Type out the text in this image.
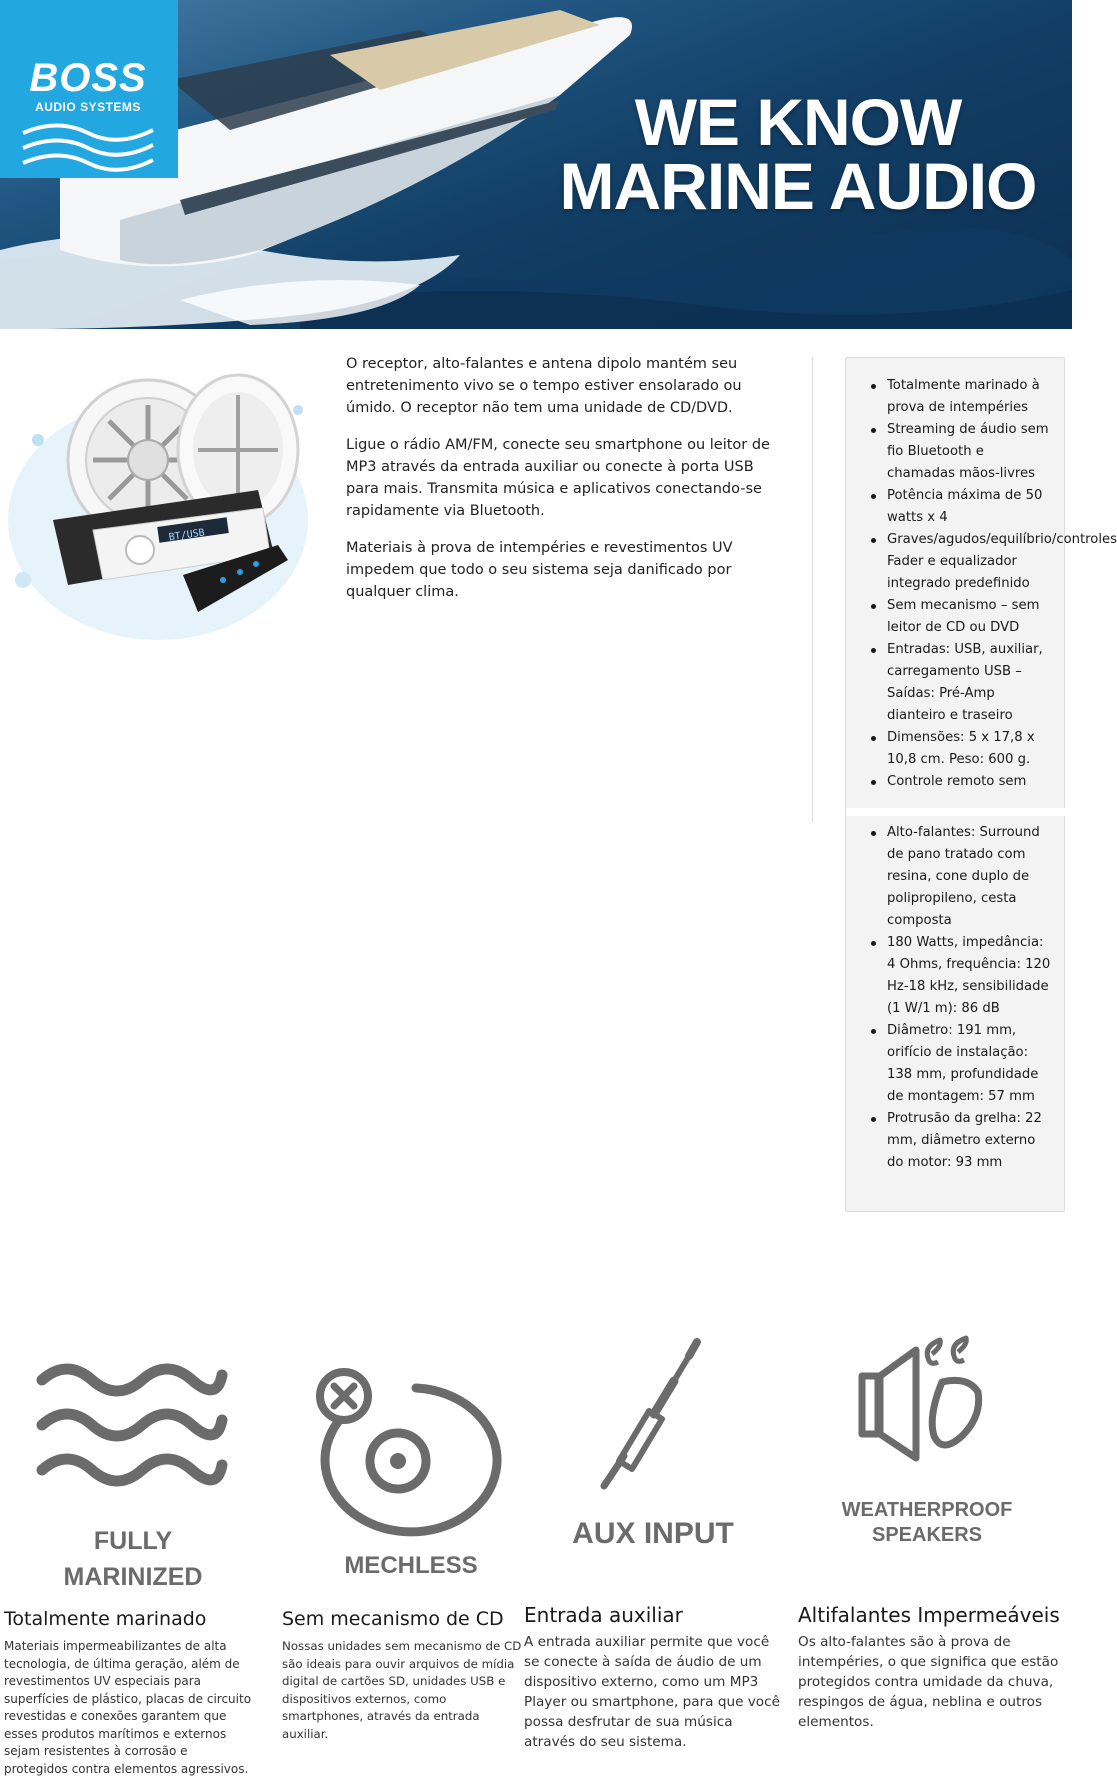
BOSS
AUDIO SYSTEMS	WE KNOW
MARINE AUDIO
BT/USB

O receptor, alto-falantes e antena dipolo mantém seu entretenimento vivo se o tempo estiver ensolarado ou úmido. O receptor não tem uma unidade de CD/DVD.

Ligue o rádio AM/FM, conecte seu smartphone ou leitor de MP3 através da entrada auxiliar ou conecte à porta USB para mais. Transmita música e aplicativos conectando-se rapidamente via Bluetooth.

Materiais à prova de intempéries e revestimentos UV impedem que todo o seu sistema seja danificado por qualquer clima.

Totalmente marinado à prova de intempéries
Streaming de áudio sem fio Bluetooth e chamadas mãos-livres
Potência máxima de 50 watts x 4
Graves/agudos/equilíbrio/controles Fader e equalizador integrado predefinido
Sem mecanismo – sem leitor de CD ou DVD
Entradas: USB, auxiliar, carregamento USB – Saídas: Pré-Amp dianteiro e traseiro
Dimensões: 5 x 17,8 x 10,8 cm. Peso: 600 g.
Controle remoto sem
Alto-falantes: Surround de pano tratado com resina, cone duplo de polipropileno, cesta composta
180 Watts, impedância: 4 Ohms, frequência: 120 Hz-18 kHz, sensibilidade (1 W/1 m): 86 dB
Diâmetro: 191 mm, orifício de instalação: 138 mm, profundidade de montagem: 57 mm
Protrusão da grelha: 22 mm, diâmetro externo do motor: 93 mm
FULLY
MARINIZED
Totalmente marinado
Materiais impermeabilizantes de alta tecnologia, de última geração, além de revestimentos UV especiais para superfícies de plástico, placas de circuito revestidas e conexões garantem que esses produtos marítimos e externos sejam resistentes à corrosão e protegidos contra elementos agressivos.
MECHLESS
Sem mecanismo de CD
Nossas unidades sem mecanismo de CD são ideais para ouvir arquivos de mídia digital de cartões SD, unidades USB e dispositivos externos, como smartphones, através da entrada auxiliar.
AUX INPUT
Entrada auxiliar
A entrada auxiliar permite que você se conecte à saída de áudio de um dispositivo externo, como um MP3 Player ou smartphone, para que você possa desfrutar de sua música através do seu sistema.
WEATHERPROOF
SPEAKERS
Altifalantes Impermeáveis
Os alto-falantes são à prova de intempéries, o que significa que estão protegidos contra umidade da chuva, respingos de água, neblina e outros elementos.
